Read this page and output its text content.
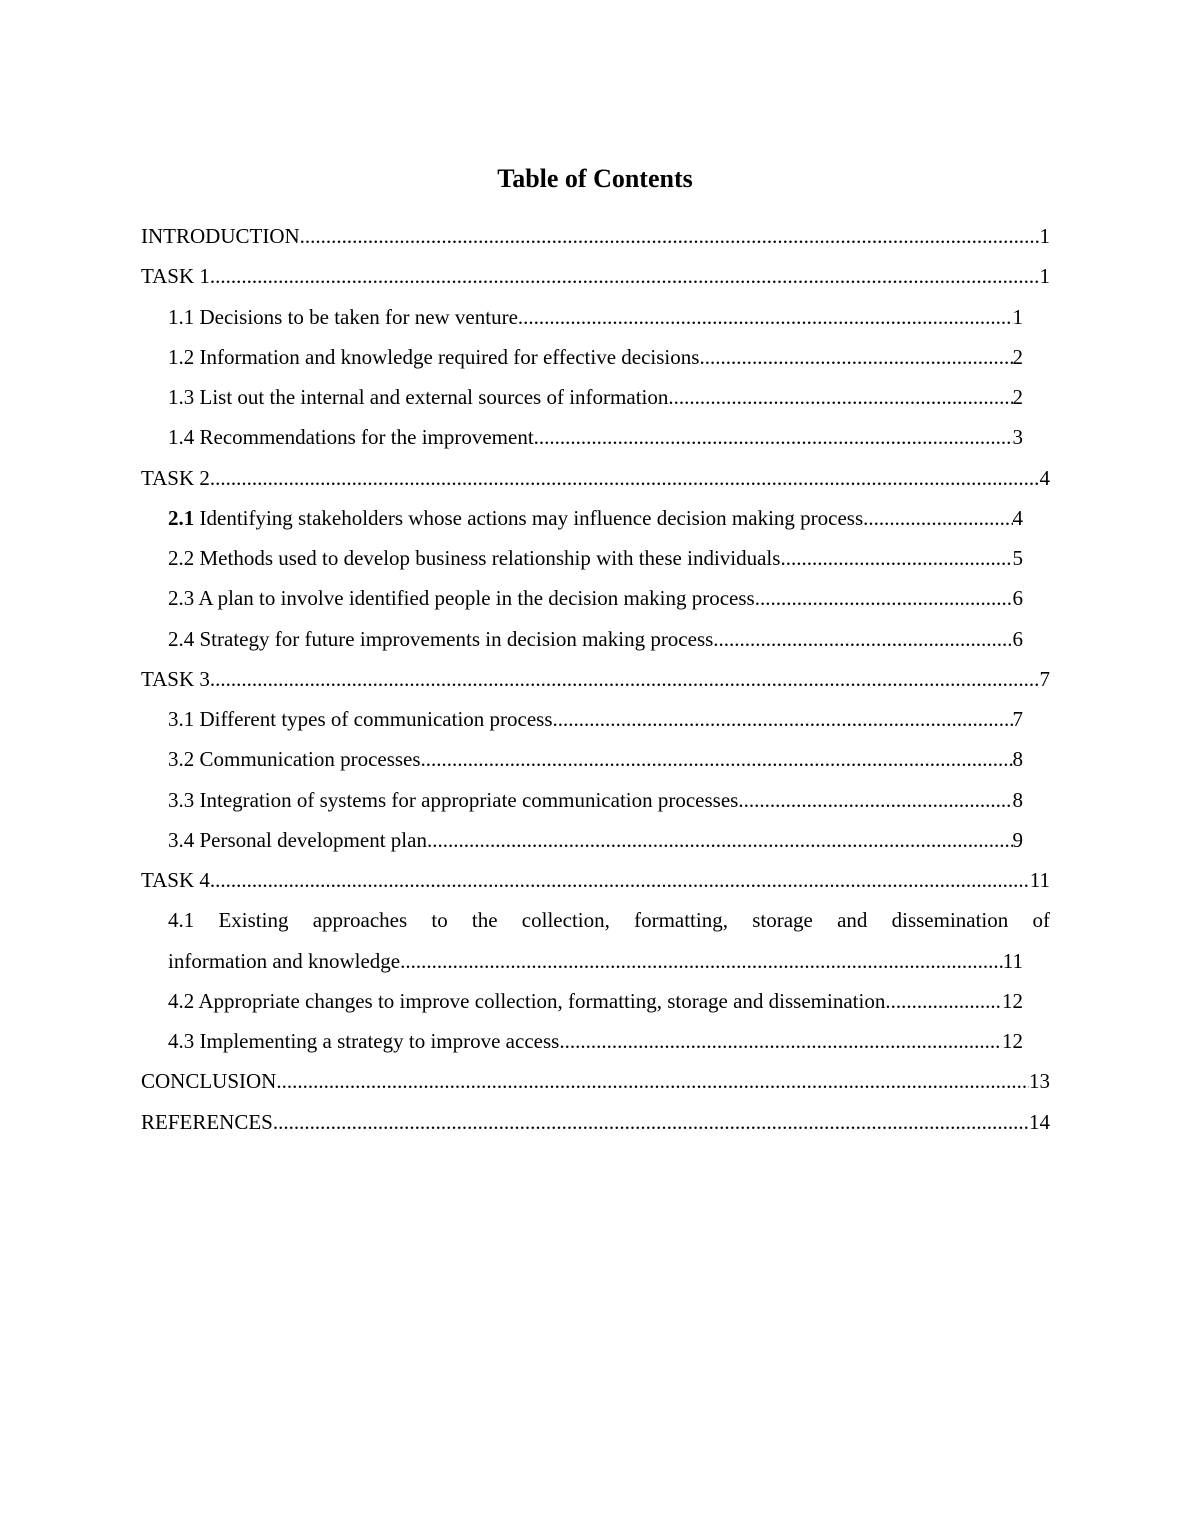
Table of Contents
INTRODUCTION .....	1
TASK 1 .....	1
1.1 Decisions to be taken for new venture .....	1
1.2 Information and knowledge required for effective decisions .....	2
1.3 List out the internal and external sources of information .....	2
1.4 Recommendations for the improvement .....	3
TASK 2 .....	4
2.1 Identifying stakeholders whose actions may influence decision making process .....	4
2.2 Methods used to develop business relationship with these individuals .....	5
2.3 A plan to involve identified people in the decision making process .....	6
2.4 Strategy for future improvements in decision making process .....	6
TASK 3 .....	7
3.1 Different types of communication process .....	7
3.2 Communication processes .....	8
3.3 Integration of systems for appropriate communication processes .....	8
3.4 Personal development plan .....	9
TASK 4 .....	11
4.1 Existing approaches to the collection, formatting, storage and dissemination of
information and knowledge .....	11
4.2 Appropriate changes to improve collection, formatting, storage and dissemination. .....	12
4.3 Implementing a strategy to improve access .....	12
CONCLUSION .....	13
REFERENCES .....	14
